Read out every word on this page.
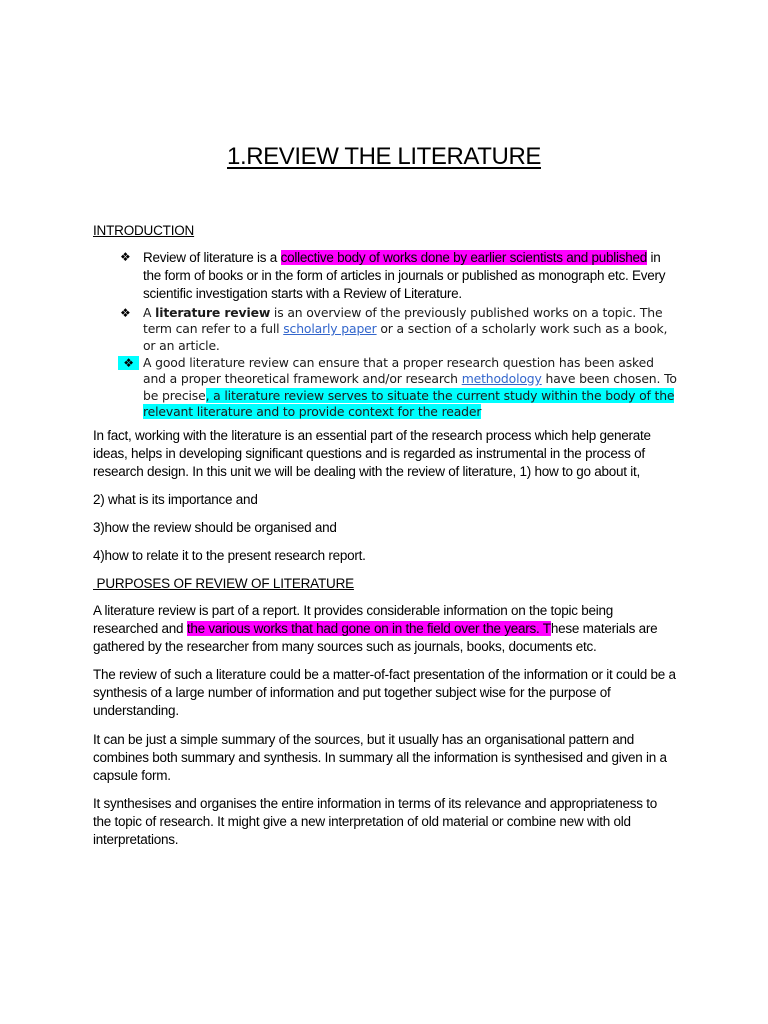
1.REVIEW THE LITERATURE
INTRODUCTION
❖ Review of literature is a collective body of works done by earlier scientists and published in the form of books or in the form of articles in journals or published as monograph etc. Every scientific investigation starts with a Review of Literature.
❖ A literature review is an overview of the previously published works on a topic. The term can refer to a full scholarly paper or a section of a scholarly work such as a book, or an article.
❖ A good literature review can ensure that a proper research question has been asked and a proper theoretical framework and/or research methodology have been chosen. To be precise, a literature review serves to situate the current study within the body of the relevant literature and to provide context for the reader

In fact, working with the literature is an essential part of the research process which help generate ideas, helps in developing significant questions and is regarded as instrumental in the process of research design. In this unit we will be dealing with the review of literature, 1) how to go about it,

2) what is its importance and

3)how the review should be organised and

4)how to relate it to the present research report.

PURPOSES OF REVIEW OF LITERATURE

A literature review is part of a report. It provides considerable information on the topic being researched and the various works that had gone on in the field over the years. These materials are gathered by the researcher from many sources such as journals, books, documents etc.

The review of such a literature could be a matter-of-fact presentation of the information or it could be a synthesis of a large number of information and put together subject wise for the purpose of understanding.

It can be just a simple summary of the sources, but it usually has an organisational pattern and combines both summary and synthesis. In summary all the information is synthesised and given in a capsule form.

It synthesises and organises the entire information in terms of its relevance and appropriateness to the topic of research. It might give a new interpretation of old material or combine new with old interpretations.
